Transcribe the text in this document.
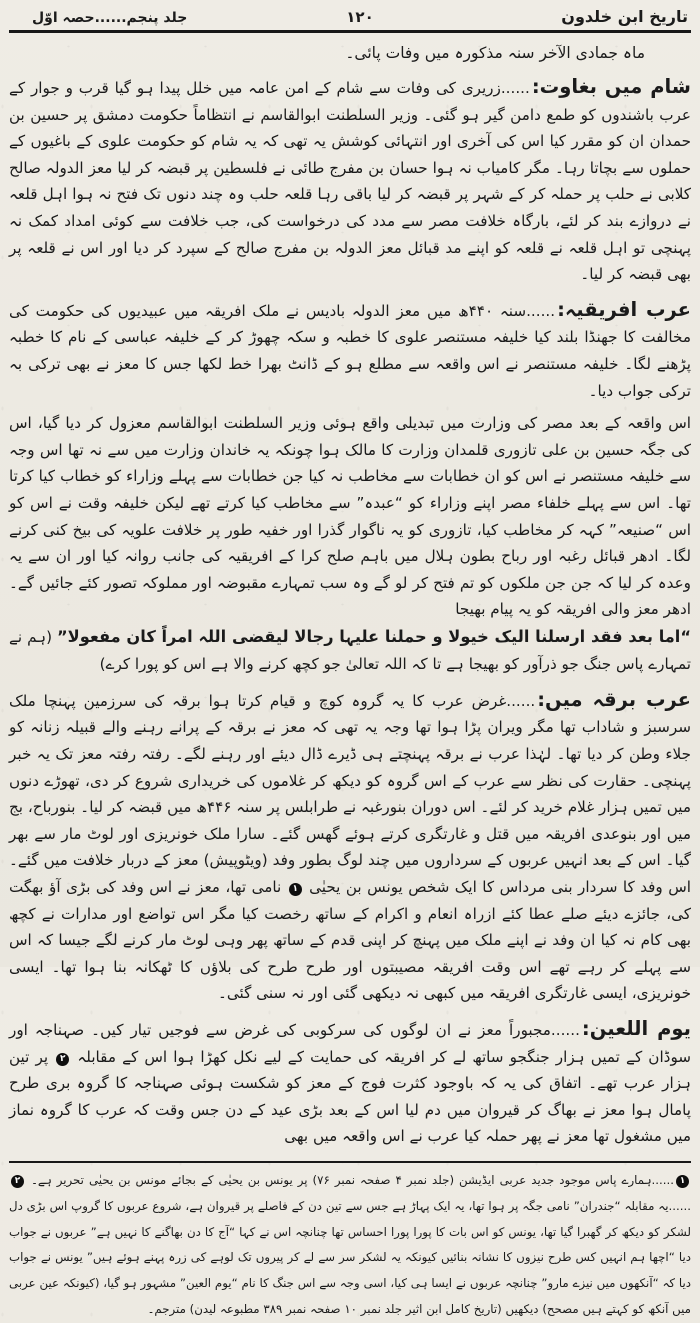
تاریخ ابن خلدون
۱۲۰
جلد پنجم......حصہ اوّل

ماہ جمادی الآخر سنہ مذکورہ میں وفات پائی۔

شام میں بغاوت:......زریری کی وفات سے شام کے امن عامہ میں خلل پیدا ہو گیا قرب و جوار کے عرب باشندوں کو طمع دامن گیر ہو گئی۔ وزیر السلطنت ابوالقاسم نے انتظاماً حکومت دمشق پر حسین بن حمدان ان کو مقرر کیا اس کی آخری اور انتہائی کوشش یہ تھی کہ یہ شام کو حکومت علوی کے باغیوں کے حملوں سے بچاتا رہا۔ مگر کامیاب نہ ہوا حسان بن مفرج طائی نے فلسطین پر قبضہ کر لیا معز الدولہ صالح کلابی نے حلب پر حملہ کر کے شہر پر قبضہ کر لیا باقی رہا قلعہ حلب وہ چند دنوں تک فتح نہ ہوا اہل قلعہ نے دروازے بند کر لئے، بارگاہ خلافت مصر سے مدد کی درخواست کی، جب خلافت سے کوئی امداد کمک نہ پہنچی تو اہل قلعہ نے قلعہ کو اپنے مد قبائل معز الدولہ بن مفرج صالح کے سپرد کر دیا اور اس نے قلعہ پر بھی قبضہ کر لیا۔

عرب افریقیہ:......سنہ ۴۴۰ھ میں معز الدولہ بادیس نے ملک افریقہ میں عبیدیوں کی حکومت کی مخالفت کا جھنڈا بلند کیا خلیفہ مستنصر علوی کا خطبہ و سکہ چھوڑ کر کے خلیفہ عباسی کے نام کا خطبہ پڑھنے لگا۔ خلیفہ مستنصر نے اس واقعہ سے مطلع ہو کے ڈانٹ بھرا خط لکھا جس کا معز نے بھی ترکی بہ ترکی جواب دیا۔

اس واقعہ کے بعد مصر کی وزارت میں تبدیلی واقع ہوئی وزیر السلطنت ابوالقاسم معزول کر دیا گیا، اس کی جگہ حسین بن علی تازوری قلمدان وزارت کا مالک ہوا چونکہ یہ خاندان وزارت میں سے نہ تھا اس وجہ سے خلیفہ مستنصر نے اس کو ان خطابات سے مخاطب نہ کیا جن خطابات سے پہلے وزاراء کو خطاب کیا کرتا تھا۔ اس سے پہلے خلفاء مصر اپنے وزاراء کو “عبدہ” سے مخاطب کیا کرتے تھے لیکن خلیفہ وقت نے اس کو اس “صنیعہ” کہہ کر مخاطب کیا، تازوری کو یہ ناگوار گذرا اور خفیہ طور پر خلافت علویہ کی بیخ کنی کرنے لگا۔ ادھر قبائل رغبہ اور رباح بطون ہلال میں باہم صلح کرا کے افریقیہ کی جانب روانہ کیا اور ان سے یہ وعدہ کر لیا کہ جن جن ملکوں کو تم فتح کر لو گے وہ سب تمہارے مقبوضہ اور مملوکہ تصور کئے جائیں گے۔ ادھر معز والی افریقہ کو یہ پیام بھیجا

“اما بعد فقد ارسلنا الیک خیولا و حملنا علیہا رجالا لیقضی اللہ امراً کان مفعولا” (ہم نے تمہارے پاس جنگ جو ذرآور کو بھیجا ہے تا کہ اللہ تعالیٰ جو کچھ کرنے والا ہے اس کو پورا کرے)

عرب برقہ میں:......غرض عرب کا یہ گروہ کوچ و قیام کرتا ہوا برقہ کی سرزمین پہنچا ملک سرسبز و شاداب تھا مگر ویران پڑا ہوا تھا وجہ یہ تھی کہ معز نے برقہ کے پرانے رہنے والے قبیلہ زنانہ کو جلاء وطن کر دیا تھا۔ لہٰذا عرب نے برقہ پہنچتے ہی ڈیرے ڈال دیئے اور رہنے لگے۔ رفتہ رفتہ معز تک یہ خبر پہنچی۔ حقارت کی نظر سے عرب کے اس گروہ کو دیکھ کر غلاموں کی خریداری شروع کر دی، تھوڑے دنوں میں تمیں ہزار غلام خرید کر لئے۔ اس دوران بنورغبہ نے طرابلس پر سنہ ۴۴۶ھ میں قبضہ کر لیا۔ بنورباح، بج میں اور بنوعدی افریقہ میں قتل و غارتگری کرتے ہوئے گھس گئے۔ سارا ملک خونریزی اور لوٹ مار سے بھر گیا۔ اس کے بعد انہیں عربوں کے سرداروں میں چند لوگ بطور وفد (ویٹوپیش) معز کے دربار خلافت میں گئے۔ اس وفد کا سردار بنی مرداس کا ایک شخص یونس بن یحیٰی ۱ نامی تھا، معز نے اس وفد کی بڑی آؤ بھگت کی، جائزے دیئے صلے عطا کئے ازراہ انعام و اکرام کے ساتھ رخصت کیا مگر اس تواضع اور مدارات نے کچھ بھی کام نہ کیا ان وفد نے اپنے ملک میں پہنچ کر اپنی قدم کے ساتھ پھر وہی لوٹ مار کرنے لگے جیسا کہ اس سے پہلے کر رہے تھے اس وقت افریقہ مصیبتوں اور طرح طرح کی بلاؤں کا ٹھکانہ بنا ہوا تھا۔ ایسی خونریزی، ایسی غارتگری افریقہ میں کبھی نہ دیکھی گئی اور نہ سنی گئی۔

یوم اللعین:......مجبوراً معز نے ان لوگوں کی سرکوبی کی غرض سے فوجیں تیار کیں۔ صہناجہ اور سوڈان کے تمیں ہزار جنگجو ساتھ لے کر افریقہ کی حمایت کے لیے نکل کھڑا ہوا اس کے مقابلہ ۲ پر تین ہزار عرب تھے۔ اتفاق کی یہ کہ باوجود کثرت فوج کے معز کو شکست ہوئی صہناجہ کا گروہ بری طرح پامال ہوا معز نے بھاگ کر قیروان میں دم لیا اس کے بعد بڑی عید کے دن جس وقت کہ عرب کا گروہ نماز میں مشغول تھا معز نے پھر حملہ کیا عرب نے اس واقعہ میں بھی

۱......ہمارے پاس موجود جدید عربی ایڈیشن (جلد نمبر ۴ صفحہ نمبر ۷۶) پر یونس بن یحیٰی کے بجائے مونس بن یحیٰی تحریر ہے۔ ۲......یہ مقابلہ “جندران” نامی جگہ پر ہوا تھا، یہ ایک پہاڑ ہے جس سے تین دن کے فاصلے پر قیروان ہے، شروع عربوں کا گروپ اس بڑی دل لشکر کو دیکھ کر گھبرا گیا تھا، یونس کو اس بات کا پورا پورا احساس تھا چنانچہ اس نے کہا “آج کا دن بھاگنے کا نہیں ہے” عربوں نے جواب دیا “اچھا ہم انہیں کس طرح نیزوں کا نشانہ بنائیں کیونکہ یہ لشکر سر سے لے کر پیروں تک لوہے کی زرہ پہنے ہوئے ہیں” یونس نے جواب دیا کہ “آنکھوں میں نیزے مارو” چنانچہ عربوں نے ایسا ہی کیا، اسی وجہ سے اس جنگ کا نام “یوم العین” مشہور ہو گیا، (کیونکہ عین عربی میں آنکھ کو کہتے ہیں مصحح) دیکھیں (تاریخ کامل ابن اثیر جلد نمبر ۱۰ صفحہ نمبر ۳۸۹ مطبوعہ لیدن) مترجم۔
